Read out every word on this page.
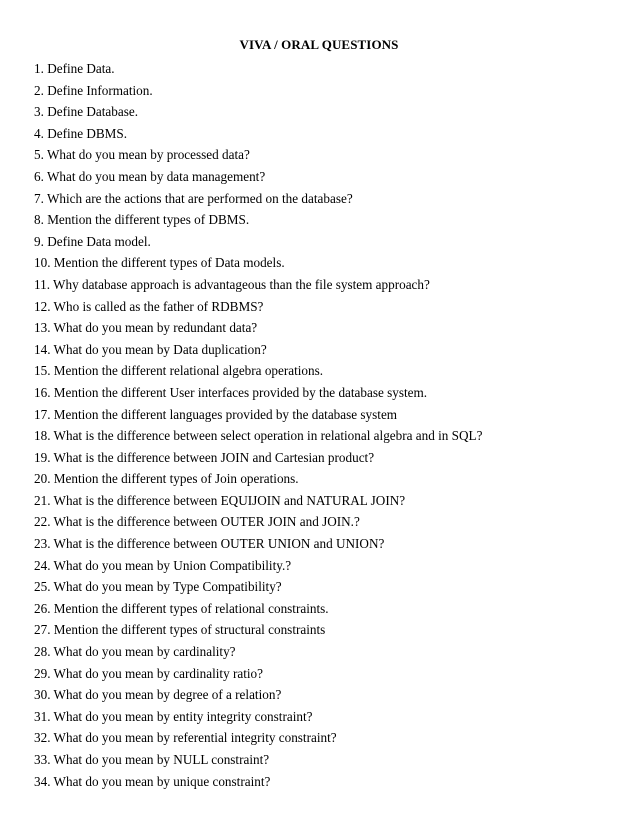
VIVA / ORAL QUESTIONS
1. Define Data.
2. Define Information.
3. Define Database.
4. Define DBMS.
5. What do you mean by processed data?
6. What do you mean by data management?
7. Which are the actions that are performed on the database?
8. Mention the different types of DBMS.
9. Define Data model.
10. Mention the different types of Data models.
11. Why database approach is advantageous than the file system approach?
12. Who is called as the father of RDBMS?
13. What do you mean by redundant data?
14. What do you mean by Data duplication?
15. Mention the different relational algebra operations.
16. Mention the different User interfaces provided by the database system.
17. Mention the different languages provided by the database system
18. What is the difference between select operation in relational algebra and in SQL?
19. What is the difference between JOIN and Cartesian product?
20. Mention the different types of Join operations.
21. What is the difference between EQUIJOIN and NATURAL JOIN?
22. What is the difference between OUTER JOIN and JOIN.?
23. What is the difference between OUTER UNION and UNION?
24. What do you mean by Union Compatibility.?
25. What do you mean by Type Compatibility?
26. Mention the different types of relational constraints.
27. Mention the different types of structural constraints
28. What do you mean by cardinality?
29. What do you mean by cardinality ratio?
30. What do you mean by degree of a relation?
31. What do you mean by entity integrity constraint?
32. What do you mean by referential integrity constraint?
33. What do you mean by NULL constraint?
34. What do you mean by unique constraint?
